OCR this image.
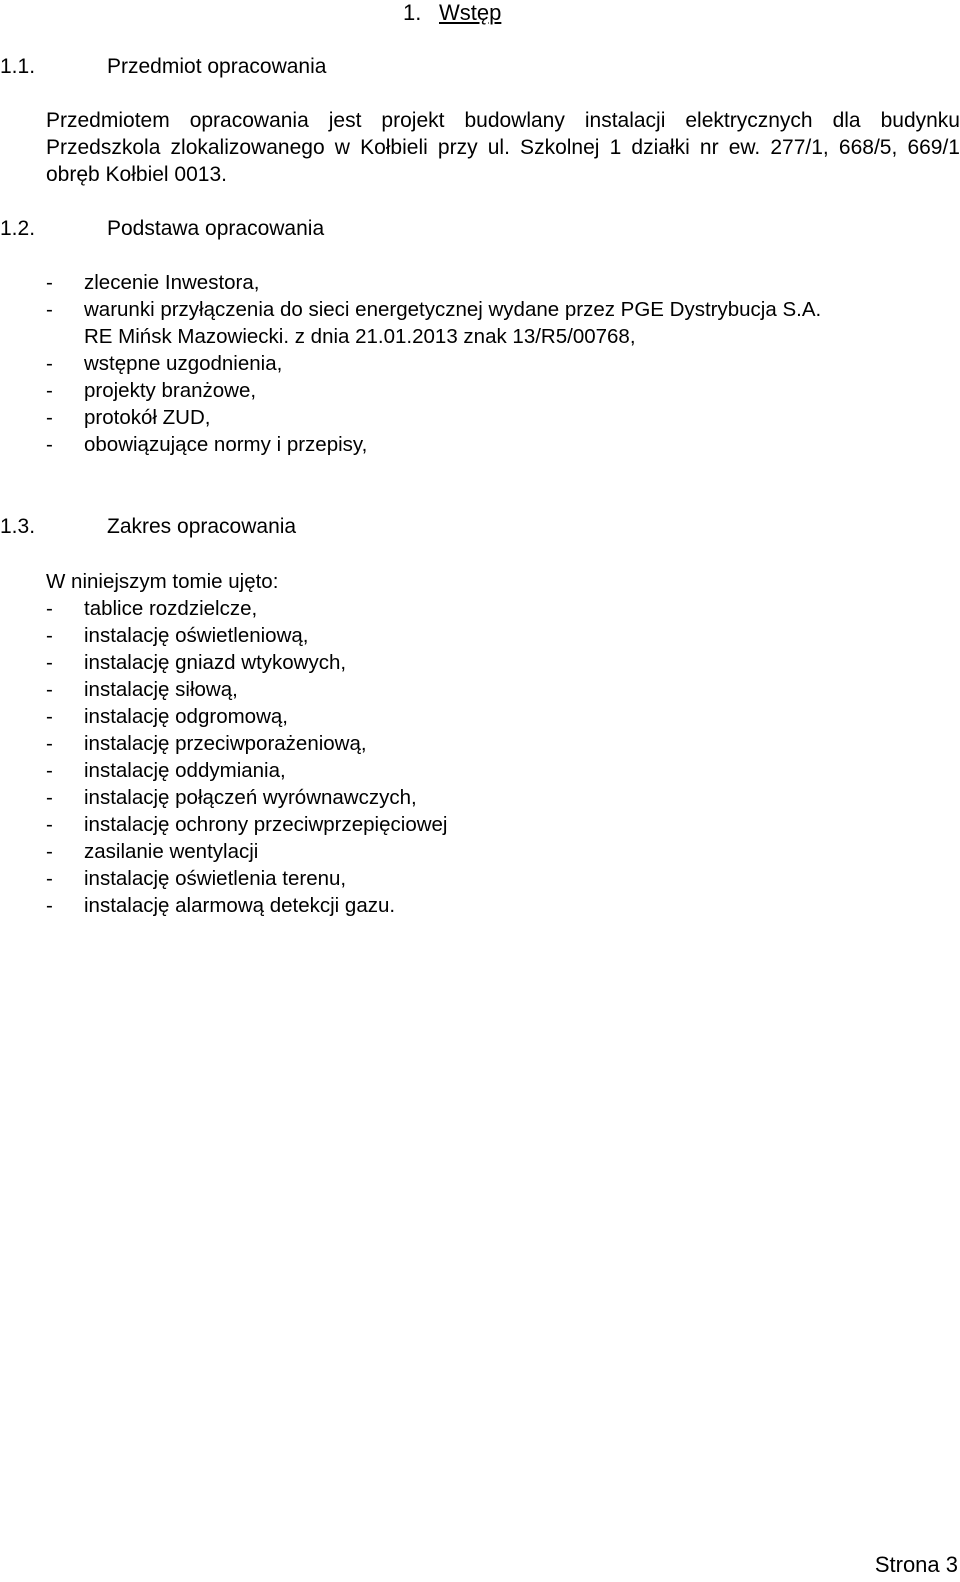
1. Wstęp
1.1.	Przedmiot opracowania
Przedmiotem opracowania jest projekt budowlany instalacji elektrycznych dla budynku Przedszkola zlokalizowanego w Kołbieli przy ul. Szkolnej 1 działki nr ew. 277/1, 668/5, 669/1 obręb Kołbiel 0013.
1.2.	Podstawa opracowania
- zlecenie Inwestora,
- warunki przyłączenia do sieci energetycznej wydane przez PGE Dystrybucja S.A.
RE Mińsk Mazowiecki. z dnia 21.01.2013 znak 13/R5/00768,
- wstępne uzgodnienia,
- projekty branżowe,
- protokół ZUD,
- obowiązujące normy i przepisy,
1.3.	Zakres opracowania
W niniejszym tomie ujęto:
- tablice rozdzielcze,
- instalację oświetleniową,
- instalację gniazd wtykowych,
- instalację siłową,
- instalację odgromową,
- instalację przeciwporażeniową,
- instalację oddymiania,
- instalację połączeń wyrównawczych,
- instalację ochrony przeciwprzepięciowej
- zasilanie wentylacji
- instalację oświetlenia terenu,
- instalację alarmową detekcji gazu.
Strona 3
